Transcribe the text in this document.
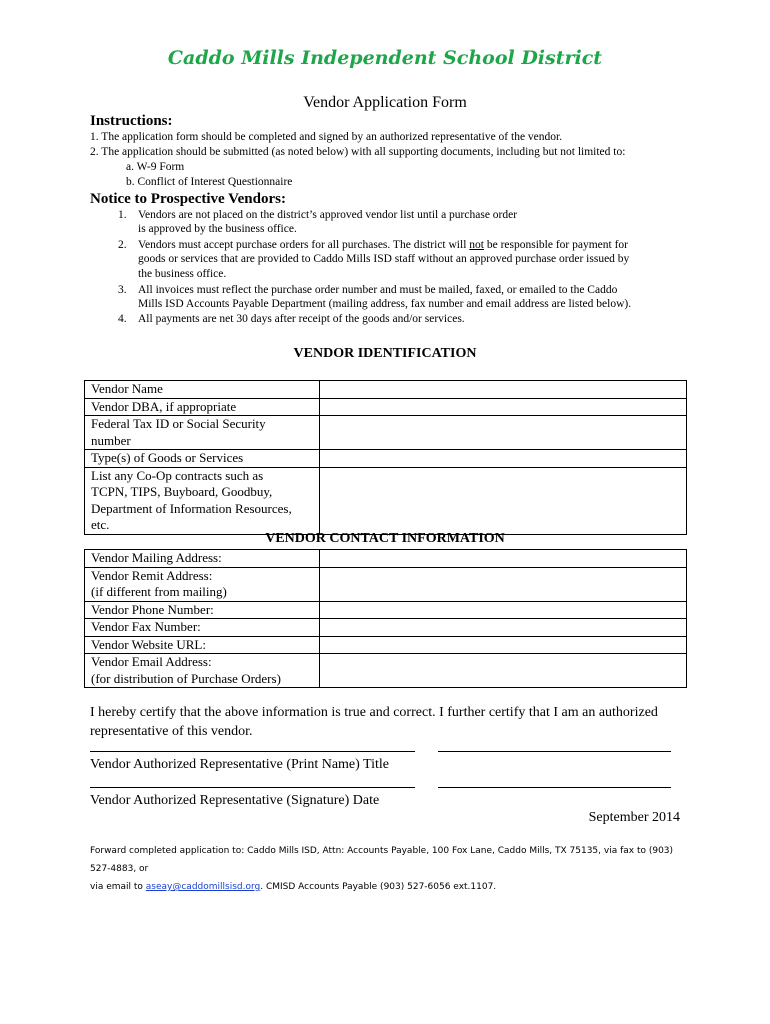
Caddo Mills Independent School District
Vendor Application Form
Instructions:
1. The application form should be completed and signed by an authorized representative of the vendor.
2. The application should be submitted (as noted below) with all supporting documents, including but not limited to:
a. W-9 Form
b. Conflict of Interest Questionnaire
Notice to Prospective Vendors:
1. Vendors are not placed on the district’s approved vendor list until a purchase order
is approved by the business office.
2. Vendors must accept purchase orders for all purchases. The district will not be responsible for payment for
goods or services that are provided to Caddo Mills ISD staff without an approved purchase order issued by
the business office.
3. All invoices must reflect the purchase order number and must be mailed, faxed, or emailed to the Caddo
Mills ISD Accounts Payable Department (mailing address, fax number and email address are listed below).
4. All payments are net 30 days after receipt of the goods and/or services.
VENDOR IDENTIFICATION
Vendor Name	
Vendor DBA, if appropriate	
Federal Tax ID or Social Security
number	
Type(s) of Goods or Services	
List any Co-Op contracts such as
TCPN, TIPS, Buyboard, Goodbuy,
Department of Information Resources,
etc.	
VENDOR CONTACT INFORMATION
Vendor Mailing Address:	
Vendor Remit Address:
(if different from mailing)	
Vendor Phone Number:	
Vendor Fax Number:	
Vendor Website URL:	
Vendor Email Address:
(for distribution of Purchase Orders)	
I hereby certify that the above information is true and correct. I further certify that I am an authorized representative of this vendor.
Vendor Authorized Representative (Print Name) Title
Vendor Authorized Representative (Signature) Date
September 2014
Forward completed application to: Caddo Mills ISD, Attn: Accounts Payable, 100 Fox Lane, Caddo Mills, TX 75135, via fax to (903) 527-4883, or
via email to aseay@caddomillsisd.org. CMISD Accounts Payable (903) 527-6056 ext.1107.
